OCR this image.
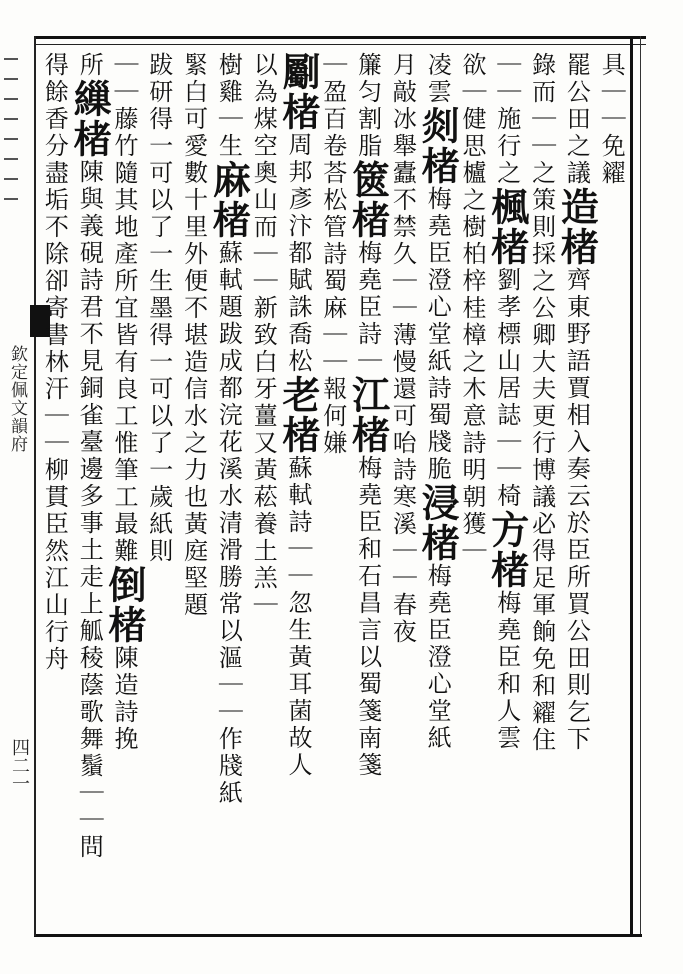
欽定佩文韻府
四二一
具｜｜免糴
罷公田之議造楮齊東野語賈相入奏云於臣所買公田則乞下
錄而｜｜之策則採之公卿大夫更行博議必得足軍餉免和糴住
｜｜施行之楓楮劉孝標山居誌｜｜椅方楮梅堯臣和人雲
欲｜健思櫨之樹柏梓桂樟之木意詩明朝獲｜
凌雲剡楮梅堯臣澄心堂紙詩蜀牋脆浸楮梅堯臣澄心堂紙
月敲冰舉蠹不禁久｜｜薄慢還可咍詩寒溪｜｜春夜
簾匀割脂篋楮梅堯臣詩｜江楮梅堯臣和石昌言以蜀箋南箋
｜盈百卷荅松管詩蜀麻｜｜報何嫌
劚楮周邦彥汴都賦誅喬松老楮蘇軾詩｜｜忽生黃耳菌故人
以為煤空奧山而｜｜新致白牙薑又黃菘養土羔｜
樹雞｜生麻楮蘇軾題跋成都浣花溪水清滑勝常以漚｜｜作牋紙
緊白可愛數十里外便不堪造信水之力也黃庭堅題
跋研得一可以了一生墨得一可以了一歲紙則
｜｜藤竹隨其地產所宜皆有良工惟筆工最難倒楮陳造詩挽
所繅楮陳與義硯詩君不見銅雀臺邊多事土走上觚稜蔭歌舞鬚｜｜問
得餘香分盡垢不除卻寄書林汗｜｜柳貫臣然江山行舟
